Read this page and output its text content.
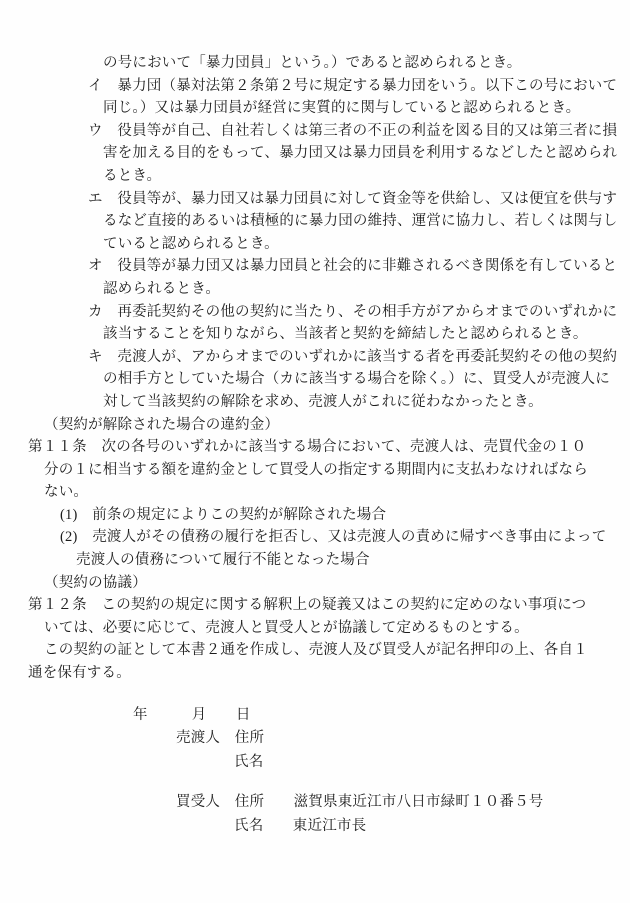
の号において「暴力団員」という。）であると認められるとき。
イ　暴力団（暴対法第２条第２号に規定する暴力団をいう。以下この号において
同じ。）又は暴力団員が経営に実質的に関与していると認められるとき。
ウ　役員等が自己、自社若しくは第三者の不正の利益を図る目的又は第三者に損
害を加える目的をもって、暴力団又は暴力団員を利用するなどしたと認められ
るとき。
エ　役員等が、暴力団又は暴力団員に対して資金等を供給し、又は便宜を供与す
るなど直接的あるいは積極的に暴力団の維持、運営に協力し、若しくは関与し
ていると認められるとき。
オ　役員等が暴力団又は暴力団員と社会的に非難されるべき関係を有していると
認められるとき。
カ　再委託契約その他の契約に当たり、その相手方がアからオまでのいずれかに
該当することを知りながら、当該者と契約を締結したと認められるとき。
キ　売渡人が、アからオまでのいずれかに該当する者を再委託契約その他の契約
の相手方としていた場合（カに該当する場合を除く。）に、買受人が売渡人に
対して当該契約の解除を求め、売渡人がこれに従わなかったとき。
（契約が解除された場合の違約金）
第１１条　次の各号のいずれかに該当する場合において、売渡人は、売買代金の１０
分の１に相当する額を違約金として買受人の指定する期間内に支払わなければなら
ない。
(1)　前条の規定によりこの契約が解除された場合
(2)　売渡人がその債務の履行を拒否し、又は売渡人の責めに帰すべき事由によって
売渡人の債務について履行不能となった場合
（契約の協議）
第１２条　この契約の規定に関する解釈上の疑義又はこの契約に定めのない事項につ
いては、必要に応じて、売渡人と買受人とが協議して定めるものとする。
この契約の証として本書２通を作成し、売渡人及び買受人が記名押印の上、各自１
通を保有する。
年　　　月　　日
売渡人　住所
氏名
買受人　住所　　滋賀県東近江市八日市緑町１０番５号
氏名　　東近江市長
